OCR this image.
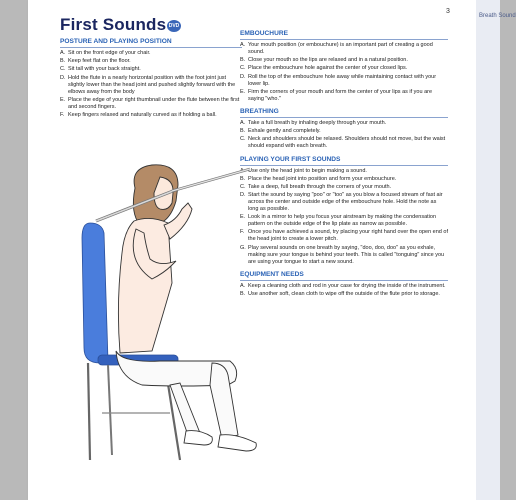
Breath Sound
3
First Sounds DVD
POSTURE AND PLAYING POSITION
A. Sit on the front edge of your chair.
B. Keep feet flat on the floor.
C. Sit tall with your back straight.
D. Hold the flute in a nearly horizontal position with the foot joint just slightly lower than the head joint and pushed slightly forward with the elbows away from the body
E. Place the edge of your right thumbnail under the flute between the first and second fingers.
F. Keep fingers relaxed and naturally curved as if holding a ball.
EMBOUCHURE
A. Your mouth position (or embouchure) is an important part of creating a good sound.
B. Close your mouth so the lips are relaxed and in a natural position.
C. Place the embouchure hole against the center of your closed lips.
D. Roll the top of the embouchure hole away while maintaining contact with your lower lip.
E. Firm the corners of your mouth and form the center of your lips as if you are saying "who."
BREATHING
A. Take a full breath by inhaling deeply through your mouth.
B. Exhale gently and completely.
C. Neck and shoulders should be relaxed. Shoulders should not move, but the waist should expand with each breath.
PLAYING YOUR FIRST SOUNDS
Use only the head joint to begin making a sound.
B. Place the head joint into position and form your embouchure.
C. Take a deep, full breath through the corners of your mouth.
D. Start the sound by saying "poo" or "too" as you blow a focused stream of fast air across the center and outside edge of the embouchure hole. Hold the note as long as possible.
E. Look in a mirror to help you focus your airstream by making the condensation pattern on the outside edge of the lip plate as narrow as possible.
F. Once you have achieved a sound, try placing your right hand over the open end of the head joint to create a lower pitch.
G. Play several sounds on one breath by saying, "doo, doo, doo" as you exhale, making sure your tongue is behind your teeth. This is called "tonguing" since you are using your tongue to start a new sound.
EQUIPMENT NEEDS
A. Keep a cleaning cloth and rod in your case for drying the inside of the instrument.
B. Use another soft, clean cloth to wipe off the outside of the flute prior to storage.
